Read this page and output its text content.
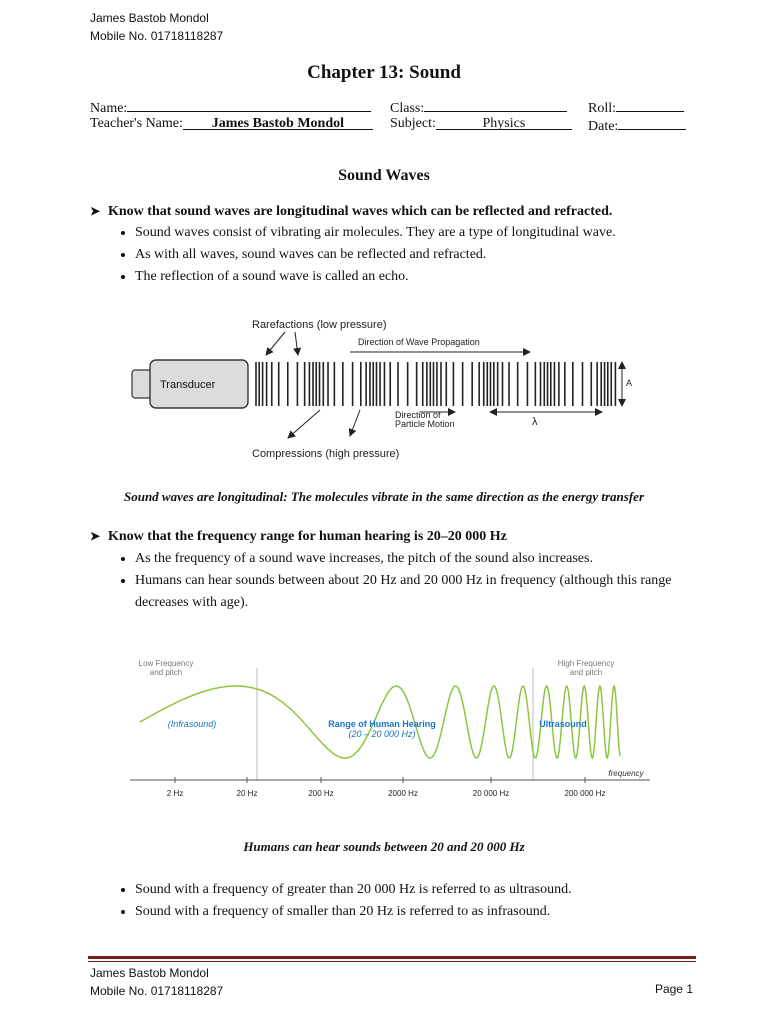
James Bastob Mondol
Mobile No. 01718118287
Chapter 13: Sound
Name:	Class:	Roll:
Teacher's Name: James Bastob Mondol	Subject:	Physics	Date:
Sound Waves
➤ Know that sound waves are longitudinal waves which can be reflected and refracted.
• Sound waves consist of vibrating air molecules. They are a type of longitudinal wave.
• As with all waves, sound waves can be reflected and refracted.
• The reflection of a sound wave is called an echo.
Rarefactions (low pressure)
Direction of Wave Propagation
Transducer	A
Direction of
Particle Motion	λ
Compressions (high pressure)
Sound waves are longitudinal: The molecules vibrate in the same direction as the energy transfer
➤ Know that the frequency range for human hearing is 20–20 000 Hz
• As the frequency of a sound wave increases, the pitch of the sound also increases.
• Humans can hear sounds between about 20 Hz and 20 000 Hz in frequency (although this range decreases with age).
Low Frequency
and pitch
High Frequency
and pitch
(Infrasound)	Range of Human Hearing
(20 – 20 000 Hz)
Ultrasound
frequency
2 Hz	20 Hz	200 Hz	2000 Hz	20 000 Hz	200 000 Hz
Humans can hear sounds between 20 and 20 000 Hz
• Sound with a frequency of greater than 20 000 Hz is referred to as ultrasound.
• Sound with a frequency of smaller than 20 Hz is referred to as infrasound.
James Bastob Mondol
Mobile No. 01718118287	Page 1
